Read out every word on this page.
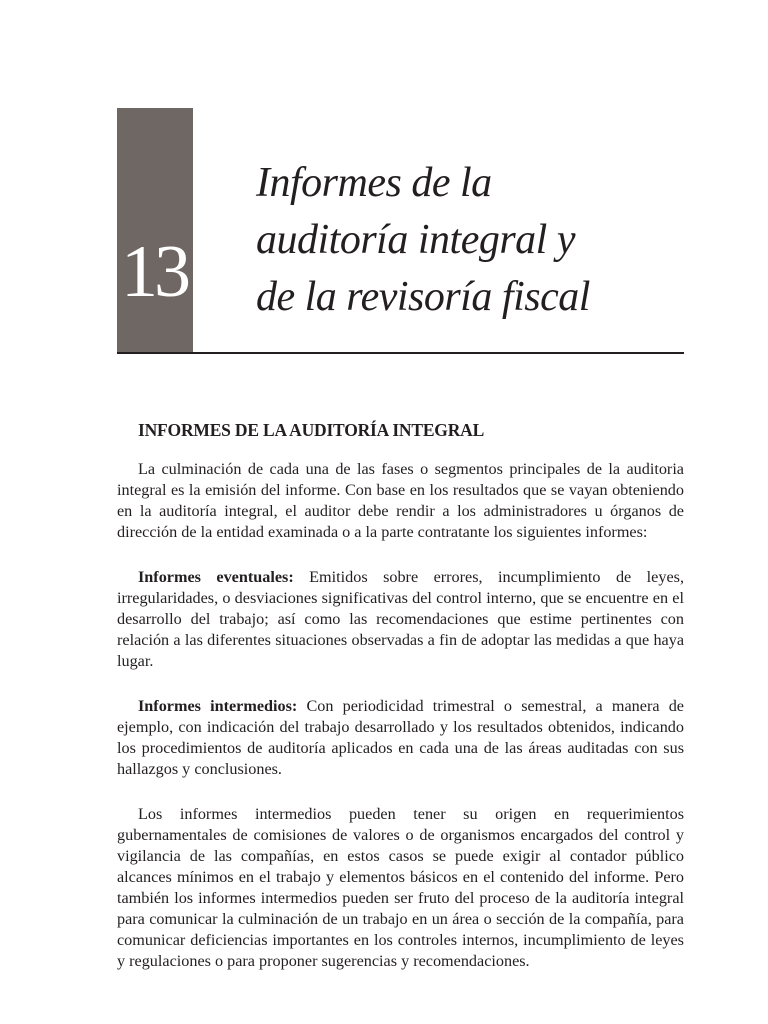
13
Informes de la
auditoría integral y
de la revisoría fiscal
INFORMES DE LA AUDITORÍA INTEGRAL

La culminación de cada una de las fases o segmentos principales de la auditoria integral es la emisión del informe. Con base en los resultados que se vayan obteniendo en la auditoría integral, el auditor debe rendir a los administradores u órganos de dirección de la entidad examinada o a la parte contratante los siguientes informes:

Informes eventuales: Emitidos sobre errores, incumplimiento de leyes, irregularidades, o desviaciones significativas del control interno, que se encuentre en el desarrollo del trabajo; así como las recomendaciones que estime pertinentes con relación a las diferentes situaciones observadas a fin de adoptar las medidas a que haya lugar.

Informes intermedios: Con periodicidad trimestral o semestral, a manera de ejemplo, con indicación del trabajo desarrollado y los resultados obtenidos, indicando los procedimientos de auditoría aplicados en cada una de las áreas auditadas con sus hallazgos y conclusiones.

Los informes intermedios pueden tener su origen en requerimientos gubernamentales de comisiones de valores o de organismos encargados del control y vigilancia de las compañías, en estos casos se puede exigir al contador público alcances mínimos en el trabajo y elementos básicos en el contenido del informe. Pero también los informes intermedios pueden ser fruto del proceso de la auditoría integral para comunicar la culminación de un trabajo en un área o sección de la compañía, para comunicar deficiencias importantes en los controles internos, incumplimiento de leyes y regulaciones o para proponer sugerencias y recomendaciones.
